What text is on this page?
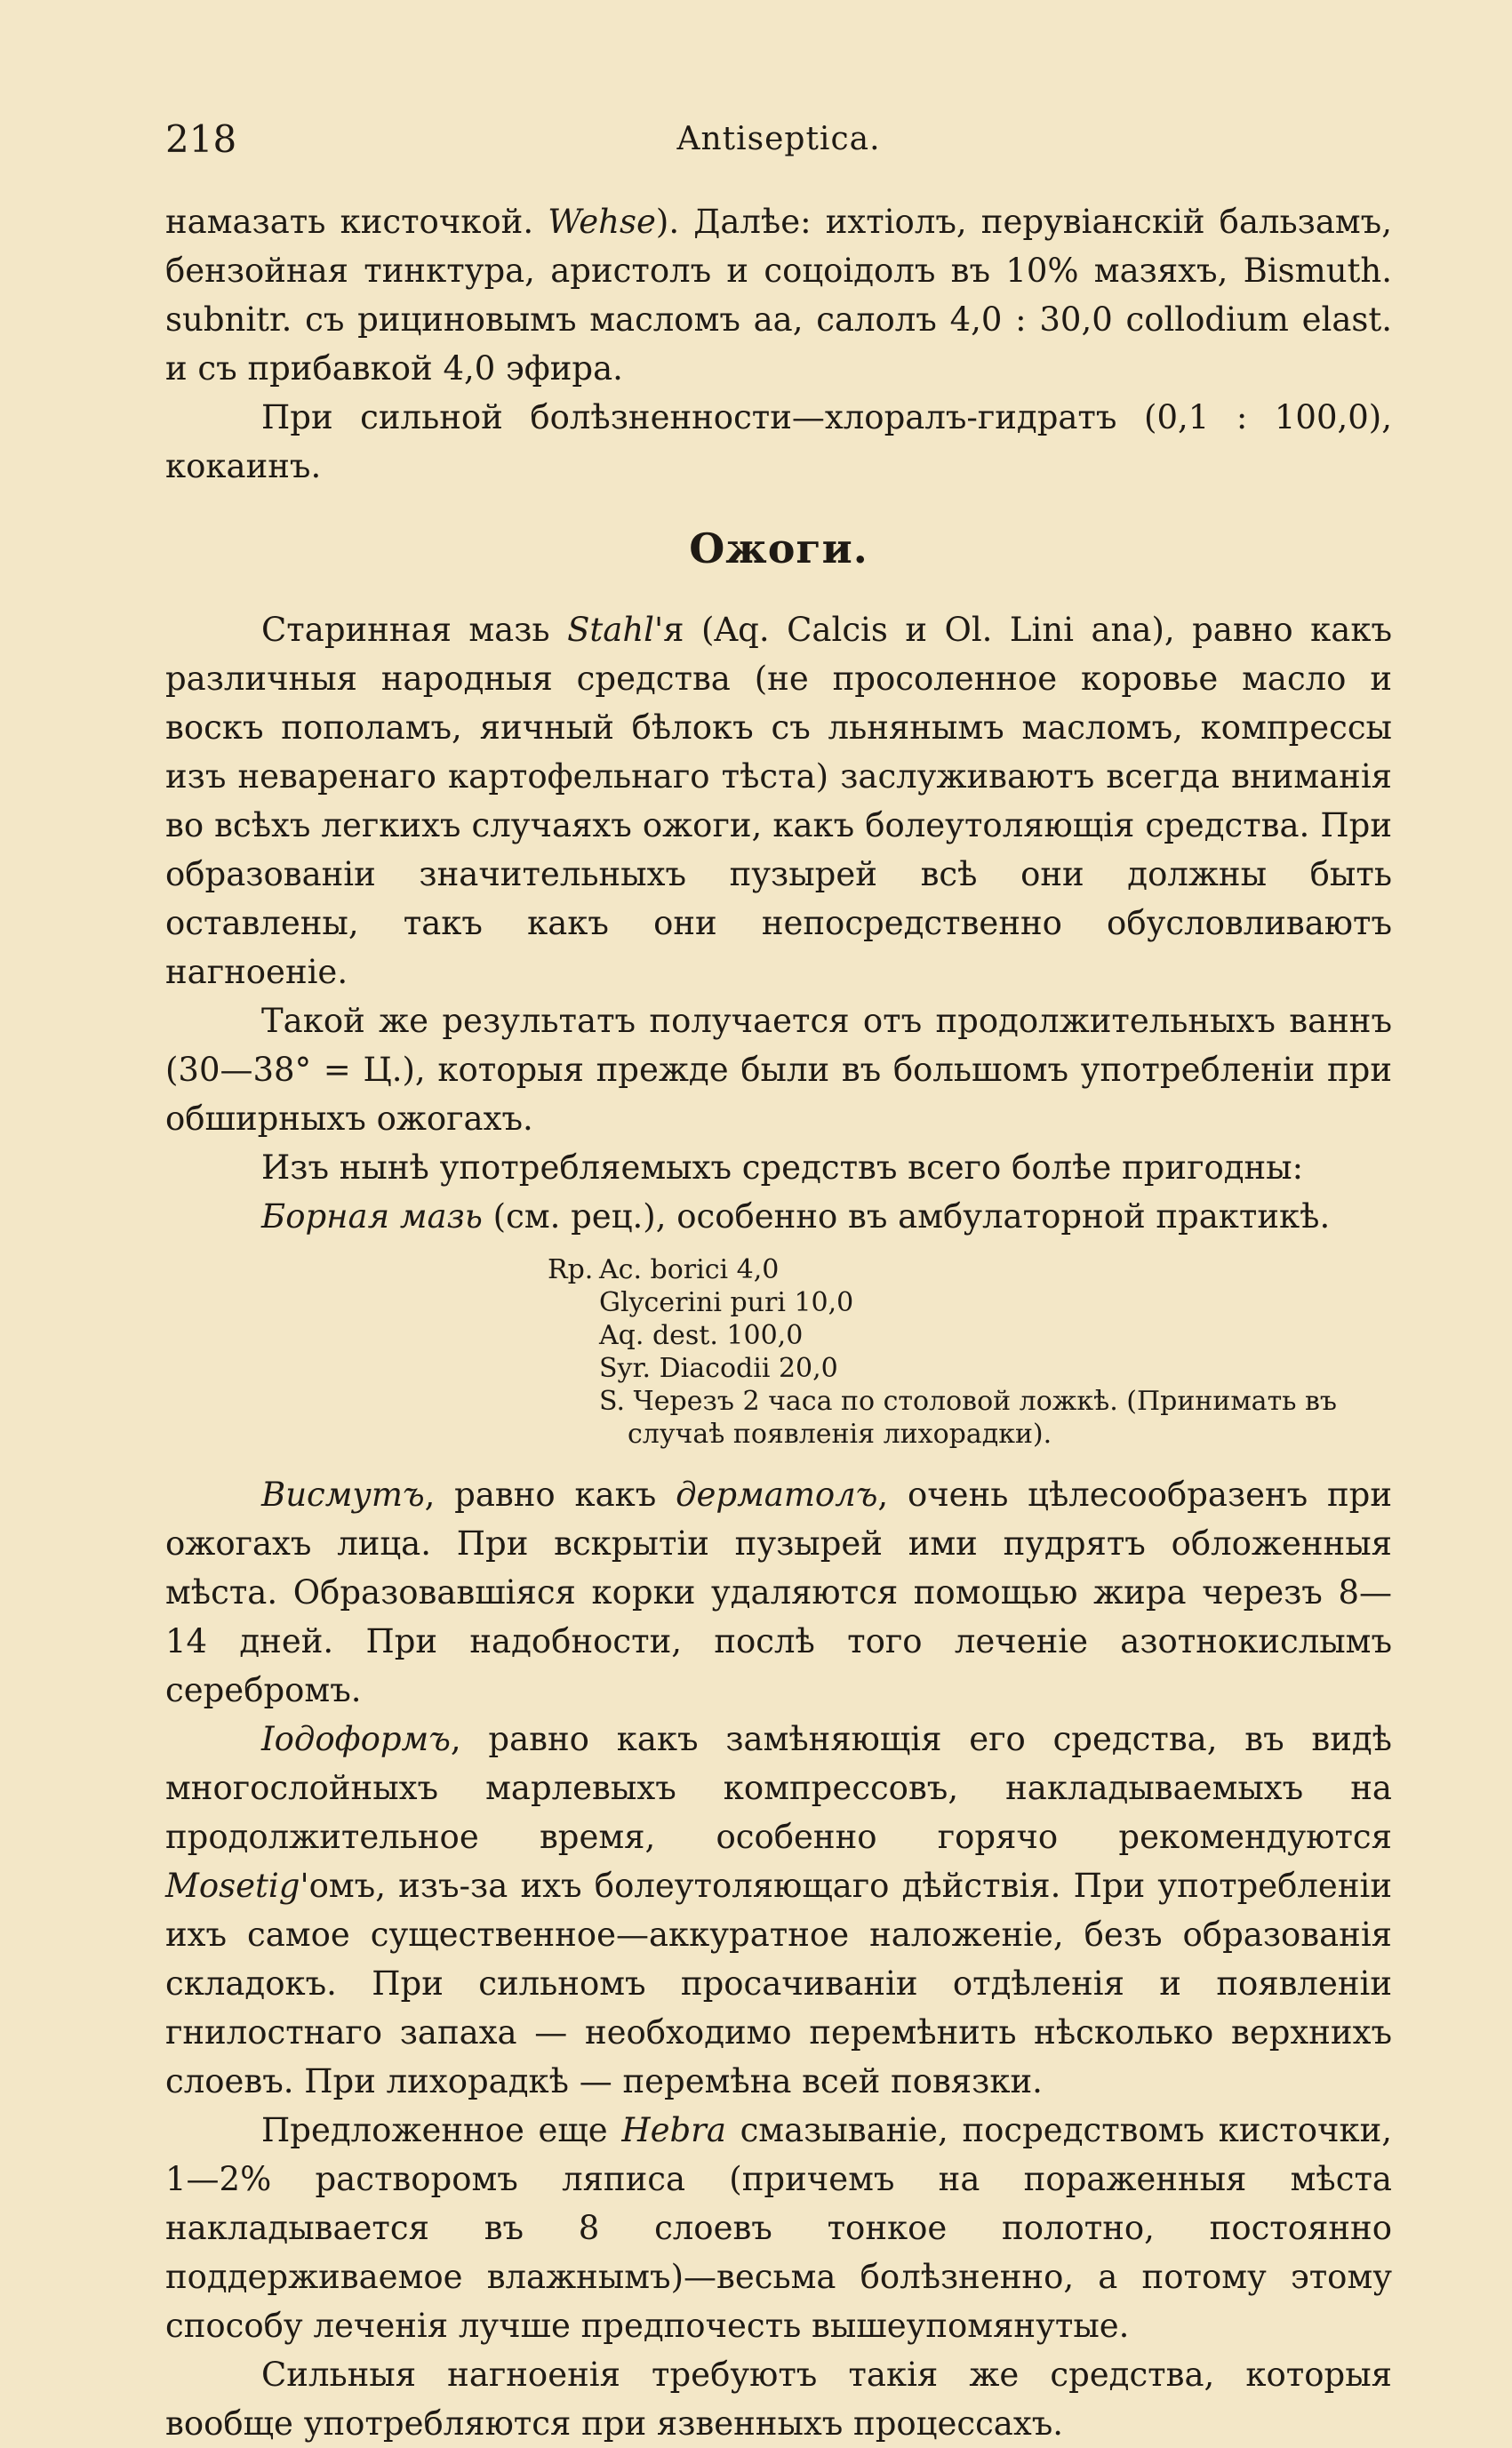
218	Antiseptica.

намазать кисточкой. Wehse). Далѣе: ихтіолъ, перувіанскій бальзамъ, бензойная тинктура, аристолъ и соцоідолъ въ 10% мазяхъ, Bismuth. subnitr. съ рициновымъ масломъ aa, салолъ 4,0 : 30,0 collodium elast. и съ прибавкой 4,0 эфира.

При сильной болѣзненности—хлоралъ-гидратъ (0,1 : 100,0), кокаинъ.

Ожоги.

Старинная мазь Stahl'я (Aq. Calcis и Ol. Lini ana), равно какъ различныя народныя средства (не просоленное коровье масло и воскъ пополамъ, яичный бѣлокъ съ льнянымъ масломъ, компрессы изъ неваренаго картофельнаго тѣста) заслуживаютъ всегда вниманія во всѣхъ легкихъ случаяхъ ожоги, какъ болеутоляющія средства. При образованіи значительныхъ пузырей всѣ они должны быть оставлены, такъ какъ они непосредственно обусловливаютъ нагноеніе.

Такой же результатъ получается отъ продолжительныхъ ваннъ (30—38° = Ц.), которыя прежде были въ большомъ употребленіи при обширныхъ ожогахъ.

Изъ нынѣ употребляемыхъ средствъ всего болѣе пригодны:

Борная мазь (см. рец.), особенно въ амбулаторной практикѣ.

Rp. Ac. borici 4,0
Glycerini puri 10,0
Aq. dest. 100,0
Syr. Diacodii 20,0
S. Черезъ 2 часа по столовой ложкѣ. (Принимать въ
случаѣ появленія лихорадки).

Висмутъ, равно какъ дерматолъ, очень цѣлесообразенъ при ожогахъ лица. При вскрытіи пузырей ими пудрятъ обложенныя мѣста. Образовавшіяся корки удаляются помощью жира черезъ 8—14 дней. При надобности, послѣ того леченіе азотнокислымъ серебромъ.

Iодоформъ, равно какъ замѣняющія его средства, въ видѣ многослойныхъ марлевыхъ компрессовъ, накладываемыхъ на продолжительное время, особенно горячо рекомендуются Mosetig'омъ, изъ-за ихъ болеутоляющаго дѣйствія. При употребленіи ихъ самое существенное—аккуратное наложеніе, безъ образованія складокъ. При сильномъ просачиваніи отдѣленія и появленіи гнилостнаго запаха — необходимо перемѣнить нѣсколько верхнихъ слоевъ. При лихорадкѣ — перемѣна всей повязки.

Предложенное еще Hebra смазываніе, посредствомъ кисточки, 1—2% растворомъ ляписа (причемъ на пораженныя мѣста накладывается въ 8 слоевъ тонкое полотно, постоянно поддерживаемое влажнымъ)—весьма болѣзненно, а потому этому способу леченія лучше предпочесть вышеупомянутые.

Сильныя нагноенія требуютъ такія же средства, которыя вообще употребляются при язвенныхъ процессахъ.
